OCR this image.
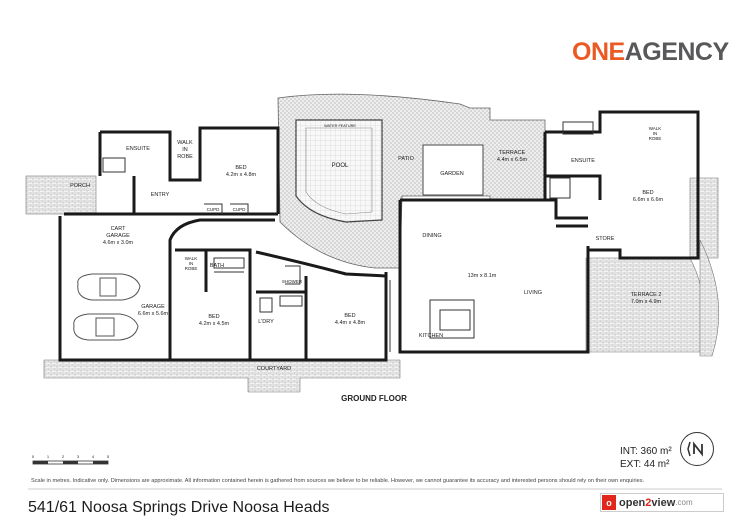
ENSUITE
WALK
IN
ROBE
PORCH
ENTRY
BED
4.2m x 4.8m
CUPD	CUPD
CART
GARAGE
4.6m x 3.0m
GARAGE
6.6m x 5.6m
WALK
IN
ROBE BATH
BED
4.2m x 4.5m	L'DRY
SHOWER
BED
4.4m x 4.8m
POOL
WATER FEATURE
PATIO
GARDEN
TERRACE
4.4m x 6.5m
DINING
13m x 8.1m
LIVING
KITCHEN
ENSUITE
WALK
IN
ROBE
BED
6.6m x 6.6m
STORE
TERRACE 2
7.0m x 4.9m
COURTYARD
GROUND FLOOR
0	1	2	3	4	5
ONEAGENCY
INT: 360 m²
EXT: 44 m²
Scale in metres. Indicative only. Dimensions are approximate. All information contained herein is gathered from sources we believe to be reliable. However, we cannot guarantee its accuracy and interested persons should rely on their own enquiries.
541/61 Noosa Springs Drive Noosa Heads	o open 2 view .com
